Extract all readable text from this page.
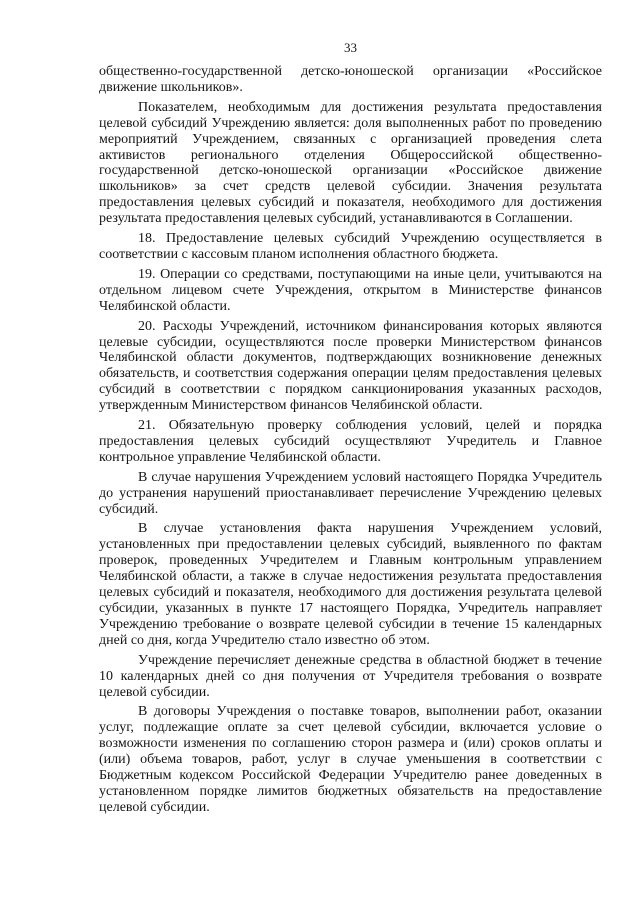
33

общественно-государственной детско-юношеской организации «Российское движение школьников».

Показателем, необходимым для достижения результата предоставления целевой субсидий Учреждению является: доля выполненных работ по проведению мероприятий Учреждением, связанных с организацией проведения слета активистов регионального отделения Общероссийской общественно-государственной детско-юношеской организации «Российское движение школьников» за счет средств целевой субсидии. Значения результата предоставления целевых субсидий и показателя, необходимого для достижения результата предоставления целевых субсидий, устанавливаются в Соглашении.

18. Предоставление целевых субсидий Учреждению осуществляется в соответствии с кассовым планом исполнения областного бюджета.

19. Операции со средствами, поступающими на иные цели, учитываются на отдельном лицевом счете Учреждения, открытом в Министерстве финансов Челябинской области.

20. Расходы Учреждений, источником финансирования которых являются целевые субсидии, осуществляются после проверки Министерством финансов Челябинской области документов, подтверждающих возникновение денежных обязательств, и соответствия содержания операции целям предоставления целевых субсидий в соответствии с порядком санкционирования указанных расходов, утвержденным Министерством финансов Челябинской области.

21. Обязательную проверку соблюдения условий, целей и порядка предоставления целевых субсидий осуществляют Учредитель и Главное контрольное управление Челябинской области.

В случае нарушения Учреждением условий настоящего Порядка Учредитель до устранения нарушений приостанавливает перечисление Учреждению целевых субсидий.

В случае установления факта нарушения Учреждением условий, установленных при предоставлении целевых субсидий, выявленного по фактам проверок, проведенных Учредителем и Главным контрольным управлением Челябинской области, а также в случае недостижения результата предоставления целевых субсидий и показателя, необходимого для достижения результата целевой субсидии, указанных в пункте 17 настоящего Порядка, Учредитель направляет Учреждению требование о возврате целевой субсидии в течение 15 календарных дней со дня, когда Учредителю стало известно об этом.

Учреждение перечисляет денежные средства в областной бюджет в течение 10 календарных дней со дня получения от Учредителя требования о возврате целевой субсидии.

В договоры Учреждения о поставке товаров, выполнении работ, оказании услуг, подлежащие оплате за счет целевой субсидии, включается условие о возможности изменения по соглашению сторон размера и (или) сроков оплаты и (или) объема товаров, работ, услуг в случае уменьшения в соответствии с Бюджетным кодексом Российской Федерации Учредителю ранее доведенных в установленном порядке лимитов бюджетных обязательств на предоставление целевой субсидии.
